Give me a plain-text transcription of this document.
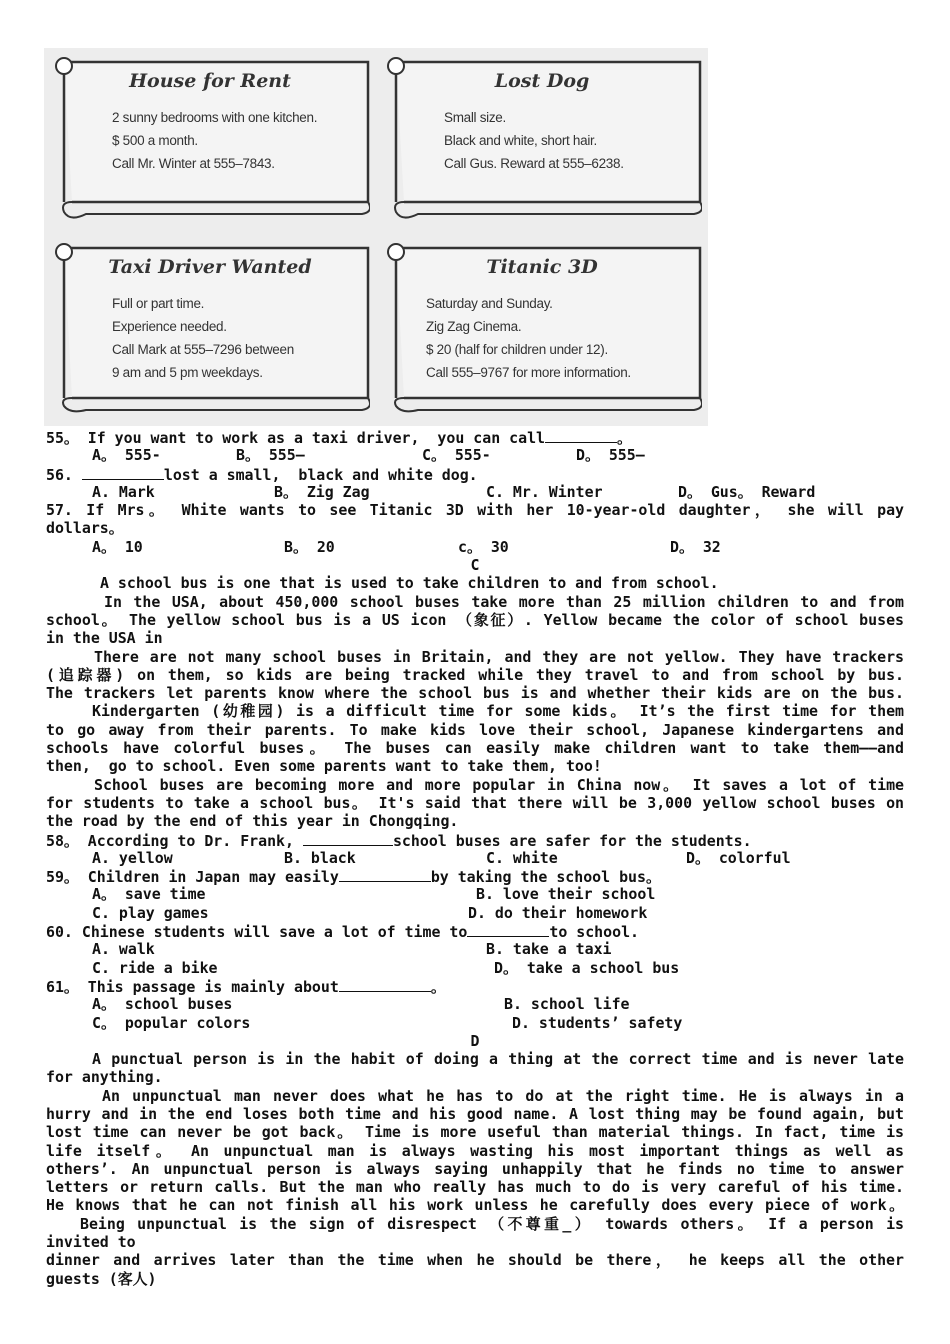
House for Rent
2 sunny bedrooms with one kitchen.
$ 500 a month.
Call Mr. Winter at 555–7843.
Lost Dog
Small size.
Black and white, short hair.
Call Gus. Reward at 555–6238.
Taxi Driver Wanted
Full or part time.
Experience needed.
Call Mark at 555–7296 between
9 am and 5 pm weekdays.
Titanic 3D
Saturday and Sunday.
Zig Zag Cinema.
$ 20 (half for children under 12).
Call 555–9767 for more information.
55。 If you want to work as a taxi driver,  you can call	。
A。 555-	B。 555—	C。 555-	D。 555—
56.	lost a small,  black and white dog.
A. Mark	B。 Zig Zag	C. Mr. Winter	D。 Gus。 Reward
57. If Mrs。 White wants to see Titanic 3D with her 10-year-old daughter， she will pay
dollars。
A。 10	B。 20	c。 30	D。 32
C
A school bus is one that is used to take children to and from school.
In the USA, about 450,000 school buses take more than 25 million children to and from
school。 The yellow school bus is a US icon （象征）. Yellow became the color of school buses
in the USA in
There are not many school buses in Britain, and they are not yellow. They have trackers
(追踪器) on them, so kids are being tracked while they travel to and from school by bus.
The trackers let parents know where the school bus is and whether their kids are on the bus.
Kindergarten (幼稚园) is a difficult time for some kids。 It’s the first time for them
to go away from their parents. To make kids love their school, Japanese kindergartens and
schools have colorful buses。 The buses can easily make children want to take them—–and
then,  go to school. Even some parents want to take them, too!
School buses are becoming more and more popular in China now。 It saves a lot of time
for students to take a school bus。 It's said that there will be 3,000 yellow school buses on
the road by the end of this year in Chongqing.
58。 According to Dr. Frank,	school buses are safer for the students.
A. yellow	B. black	C. white	D。 colorful
59。 Children in Japan may easily	by taking the school bus。
A。 save time	B. love their school
C. play games	D. do their homework
60. Chinese students will save a lot of time to	to school.
A. walk	B. take a taxi
C. ride a bike	D。 take a school bus
61。 This passage is mainly about	。
A。 school buses	B. school life
C。 popular colors	D. students’ safety
D
A punctual person is in the habit of doing a thing at the correct time and is never late
for anything.
An unpunctual man never does what he has to do at the right time. He is always in a
hurry and in the end loses both time and his good name. A lost thing may be found again, but
lost time can never be got back。 Time is more useful than material things. In fact, time is
life itself。 An unpunctual man is always wasting his most important things as well as
others’. An unpunctual person is always saying unhappily that he finds no time to answer
letters or return calls. But the man who really has much to do is very careful of his time.
He knows that he can not finish all his work unless he carefully does every piece of work。
Being unpunctual is the sign of disrespect （不尊重_） towards others。 If a person is
invited to
dinner and arrives later than the time when he should be there， he keeps all the other
guests (客人)
